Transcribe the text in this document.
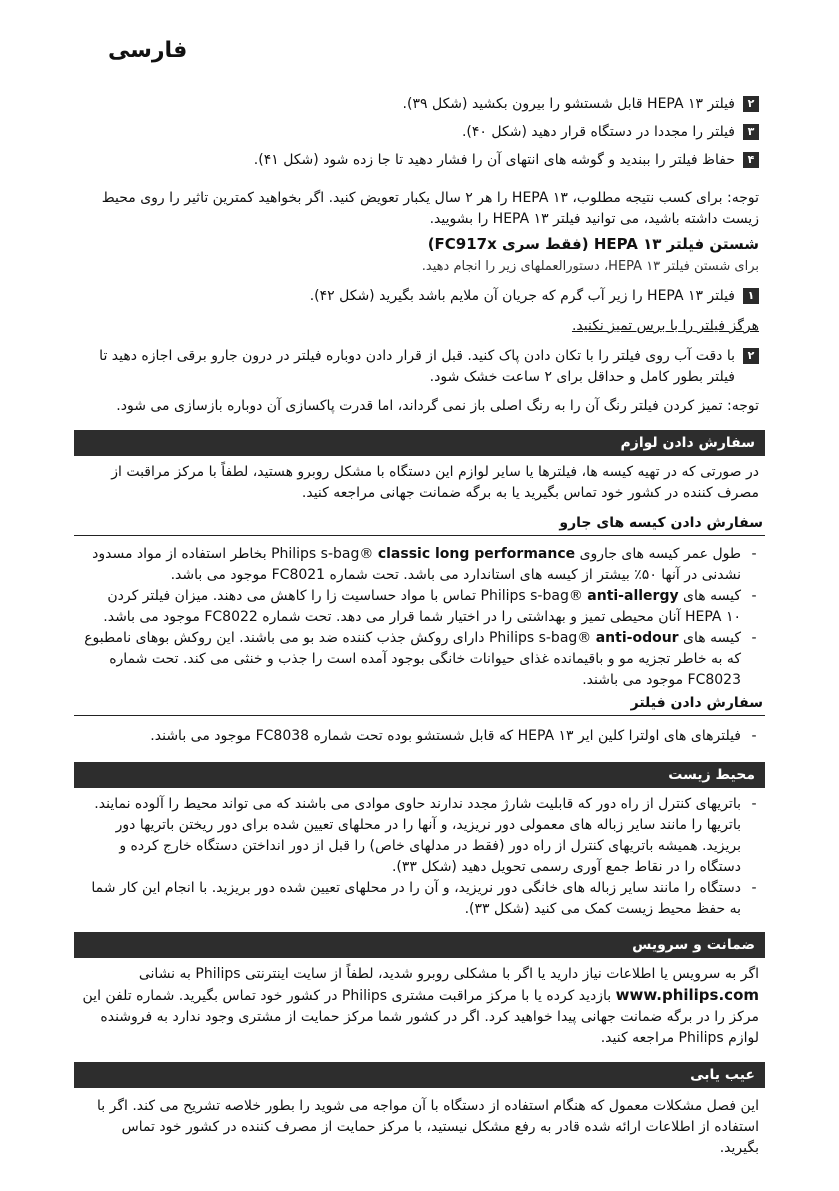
فارسی
۲
فیلتر HEPA ۱۳ قابل شستشو را بیرون بکشید (شکل ۳۹).
۳
فیلتر را مجددا در دستگاه قرار دهید (شکل ۴۰).
۴
حفاظ فیلتر را ببندید و گوشه های انتهای آن را فشار دهید تا جا زده شود (شکل ۴۱).
توجه: برای کسب نتیجه مطلوب، HEPA ۱۳ را هر ۲ سال یکبار تعویض کنید. اگر بخواهید کمترین تاثیر را روی محیط زیست داشته باشید، می توانید فیلتر HEPA ۱۳ را بشویید.
شستن فیلتر HEPA ۱۳ (فقط سری FC917x)
برای شستن فیلتر HEPA ۱۳، دستورالعملهای زیر را انجام دهید.
۱
فیلتر HEPA ۱۳ را زیر آب گرم که جریان آن ملایم باشد بگیرید (شکل ۴۲).
هرگز فیلتر را با برس تمیز نکنید.
۲
با دقت آب روی فیلتر را با تکان دادن پاک کنید. قبل از قرار دادن دوباره فیلتر در درون جارو برقی اجازه دهید تا فیلتر بطور کامل و حداقل برای ۲ ساعت خشک شود.
توجه: تمیز کردن فیلتر رنگ آن را به رنگ اصلی باز نمی گرداند، اما قدرت پاکسازی آن دوباره بازسازی می شود.
سفارش دادن لوازم
در صورتی که در تهیه کیسه ها، فیلترها یا سایر لوازم این دستگاه با مشکل روبرو هستید، لطفاً با مرکز مراقبت از مصرف کننده در کشور خود تماس بگیرید یا به برگه ضمانت جهانی مراجعه کنید.
سفارش دادن کیسه های جارو
-
طول عمر کیسه های جاروی Philips s-bag® classic long performance بخاطر استفاده از مواد مسدود نشدنی در آنها ۵۰٪ بیشتر از کیسه های استاندارد می باشد. تحت شماره FC8021 موجود می باشد.
-
کیسه های Philips s-bag® anti-allergy تماس با مواد حساسیت زا را کاهش می دهند. میزان فیلتر کردن HEPA ۱۰ آنان محیطی تمیز و بهداشتی را در اختیار شما قرار می دهد. تحت شماره FC8022 موجود می باشد.
-
کیسه های Philips s-bag® anti-odour دارای روکش جذب کننده ضد بو می باشند. این روکش بوهای نامطبوع که به خاطر تجزیه مو و باقیمانده غذای حیوانات خانگی بوجود آمده است را جذب و خنثی می کند. تحت شماره FC8023 موجود می باشند.
سفارش دادن فیلتر
-
فیلترهای های اولترا کلین ایر HEPA ۱۳ که قابل شستشو بوده تحت شماره FC8038 موجود می باشند.
محیط زیست
-
باتریهای کنترل از راه دور که قابلیت شارژ مجدد ندارند حاوی موادی می باشند که می تواند محیط را آلوده نمایند. باتریها را مانند سایر زباله های معمولی دور نریزید، و آنها را در محلهای تعیین شده برای دور ریختن باتریها دور بریزید. همیشه باتریهای کنترل از راه دور (فقط در مدلهای خاص) را قبل از دور انداختن دستگاه خارج کرده و دستگاه را در نقاط جمع آوری رسمی تحویل دهید (شکل ۳۳).
-
دستگاه را مانند سایر زباله های خانگی دور نریزید، و آن را در محلهای تعیین شده دور بریزید. با انجام این کار شما به حفظ محیط زیست کمک می کنید (شکل ۳۳).
ضمانت و سرویس
اگر به سرویس یا اطلاعات نیاز دارید یا اگر با مشکلی روبرو شدید، لطفاً از سایت اینترنتی Philips به نشانی www.philips.com بازدید کرده یا با مرکز مراقبت مشتری Philips در کشور خود تماس بگیرید. شماره تلفن این مرکز را در برگه ضمانت جهانی پیدا خواهید کرد. اگر در کشور شما مرکز حمایت از مشتری وجود ندارد به فروشنده لوازم Philips مراجعه کنید.
عیب یابی
این فصل مشکلات معمول که هنگام استفاده از دستگاه با آن مواجه می شوید را بطور خلاصه تشریح می کند. اگر با استفاده از اطلاعات ارائه شده قادر به رفع مشکل نیستید، با مرکز حمایت از مصرف کننده در کشور خود تماس بگیرید.
